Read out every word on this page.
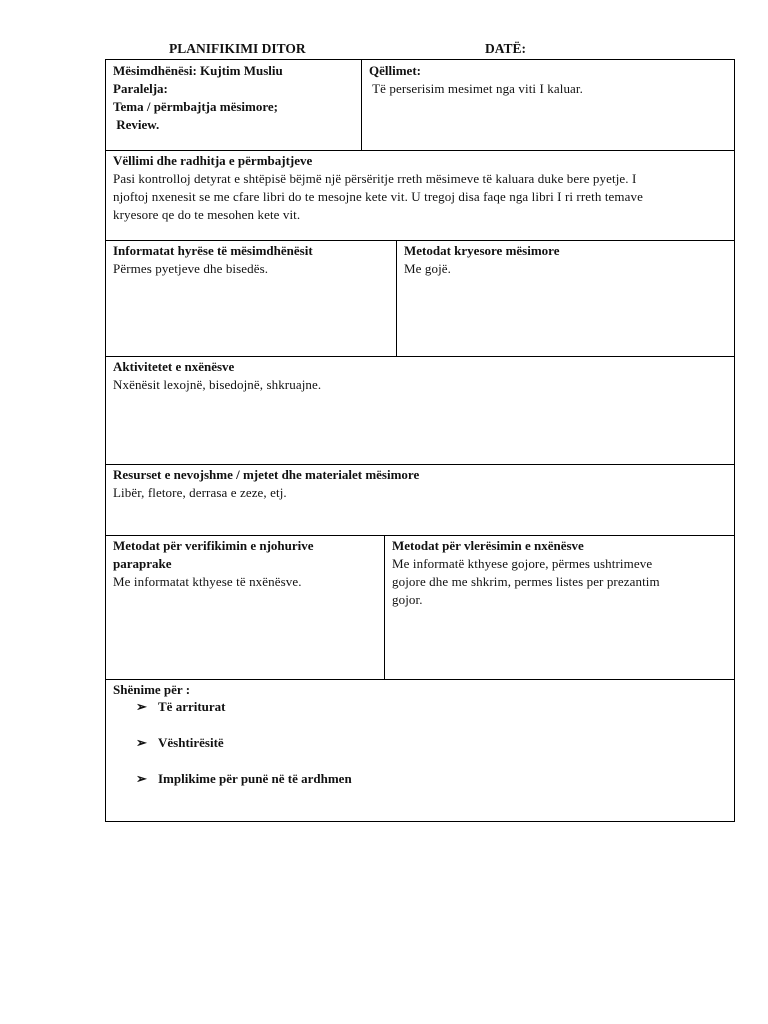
PLANIFIKIMI DITOR	DATË:
Mësimdhënësi: Kujtim Musliu
Paralelja:
Tema / përmbajtja mësimore;
Review.
Qëllimet:
Të perserisim mesimet nga viti I kaluar.
Vëllimi dhe radhitja e përmbajtjeve
Pasi kontrolloj detyrat e shtëpisë bëjmë një përsëritje rreth mësimeve të kaluara duke bere pyetje. I
njoftoj nxenesit se me cfare libri do te mesojne kete vit. U tregoj disa faqe nga libri I ri rreth temave
kryesore qe do te mesohen kete vit.
Informatat hyrëse të mësimdhënësit
Përmes pyetjeve dhe bisedës.
Metodat kryesore mësimore
Me gojë.
Aktivitetet e nxënësve
Nxënësit lexojnë, bisedojnë, shkruajne.
Resurset e nevojshme / mjetet dhe materialet mësimore
Libër, fletore, derrasa e zeze, etj.
Metodat për verifikimin e njohurive
paraprake
Me informatat kthyese të nxënësve.
Metodat për vlerësimin e nxënësve
Me informatë kthyese gojore, përmes ushtrimeve
gojore dhe me shkrim, permes listes per prezantim
gojor.
Shënime për :
➢ Të arriturat
➢ Vështirësitë
➢ Implikime për punë në të ardhmen
